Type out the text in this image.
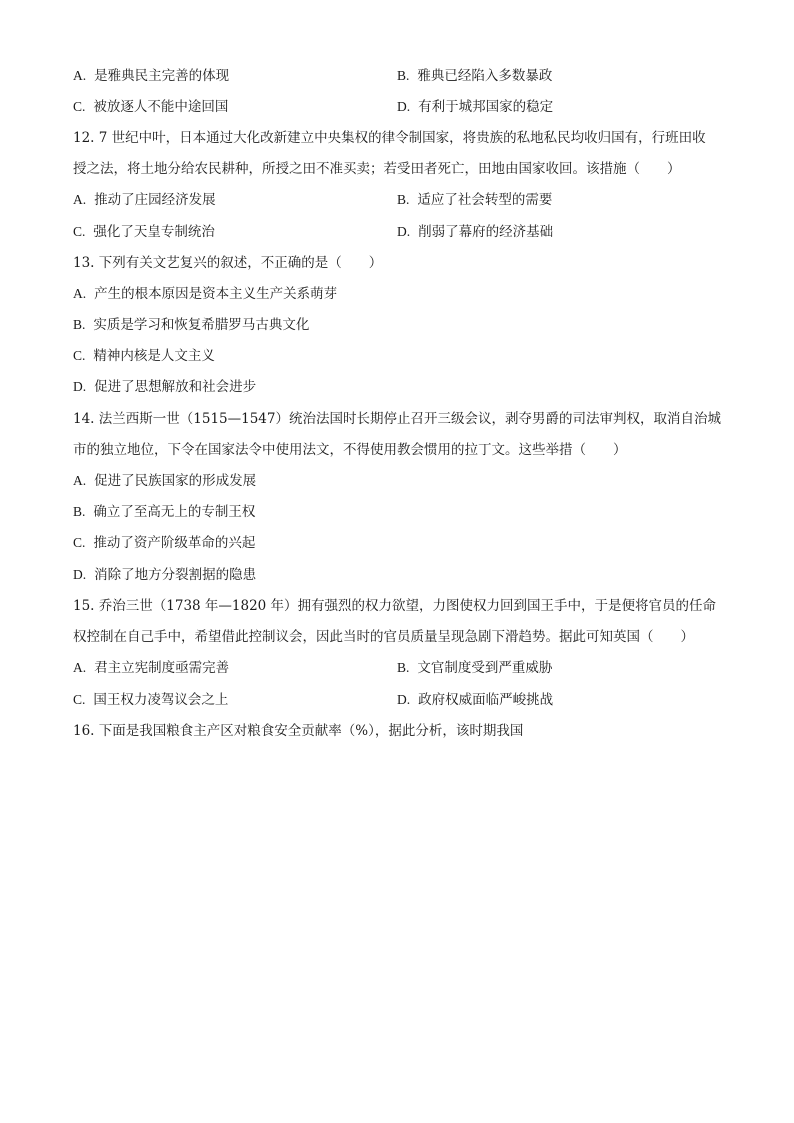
A. 是雅典民主完善的体现	B. 雅典已经陷入多数暴政
C. 被放逐人不能中途回国	D. 有利于城邦国家的稳定
12. 7 世纪中叶，日本通过大化改新建立中央集权的律令制国家，将贵族的私地私民均收归国有，行班田收
授之法，将土地分给农民耕种，所授之田不准买卖；若受田者死亡，田地由国家收回。该措施（　　）
A. 推动了庄园经济发展	B. 适应了社会转型的需要
C. 强化了天皇专制统治	D. 削弱了幕府的经济基础
13. 下列有关文艺复兴的叙述，不正确的是（　　）
A. 产生的根本原因是资本主义生产关系萌芽
B. 实质是学习和恢复希腊罗马古典文化
C. 精神内核是人文主义
D. 促进了思想解放和社会进步
14. 法兰西斯一世（1515—1547）统治法国时长期停止召开三级会议，剥夺男爵的司法审判权，取消自治城
市的独立地位，下令在国家法令中使用法文，不得使用教会惯用的拉丁文。这些举措（　　）
A. 促进了民族国家的形成发展
B. 确立了至高无上的专制王权
C. 推动了资产阶级革命的兴起
D. 消除了地方分裂割据的隐患
15. 乔治三世（1738 年—1820 年）拥有强烈的权力欲望，力图使权力回到国王手中，于是便将官员的任命
权控制在自己手中，希望借此控制议会，因此当时的官员质量呈现急剧下滑趋势。据此可知英国（　　）
A. 君主立宪制度亟需完善	B. 文官制度受到严重威胁
C. 国王权力凌驾议会之上	D. 政府权威面临严峻挑战
16. 下面是我国粮食主产区对粮食安全贡献率（%），据此分析，该时期我国
